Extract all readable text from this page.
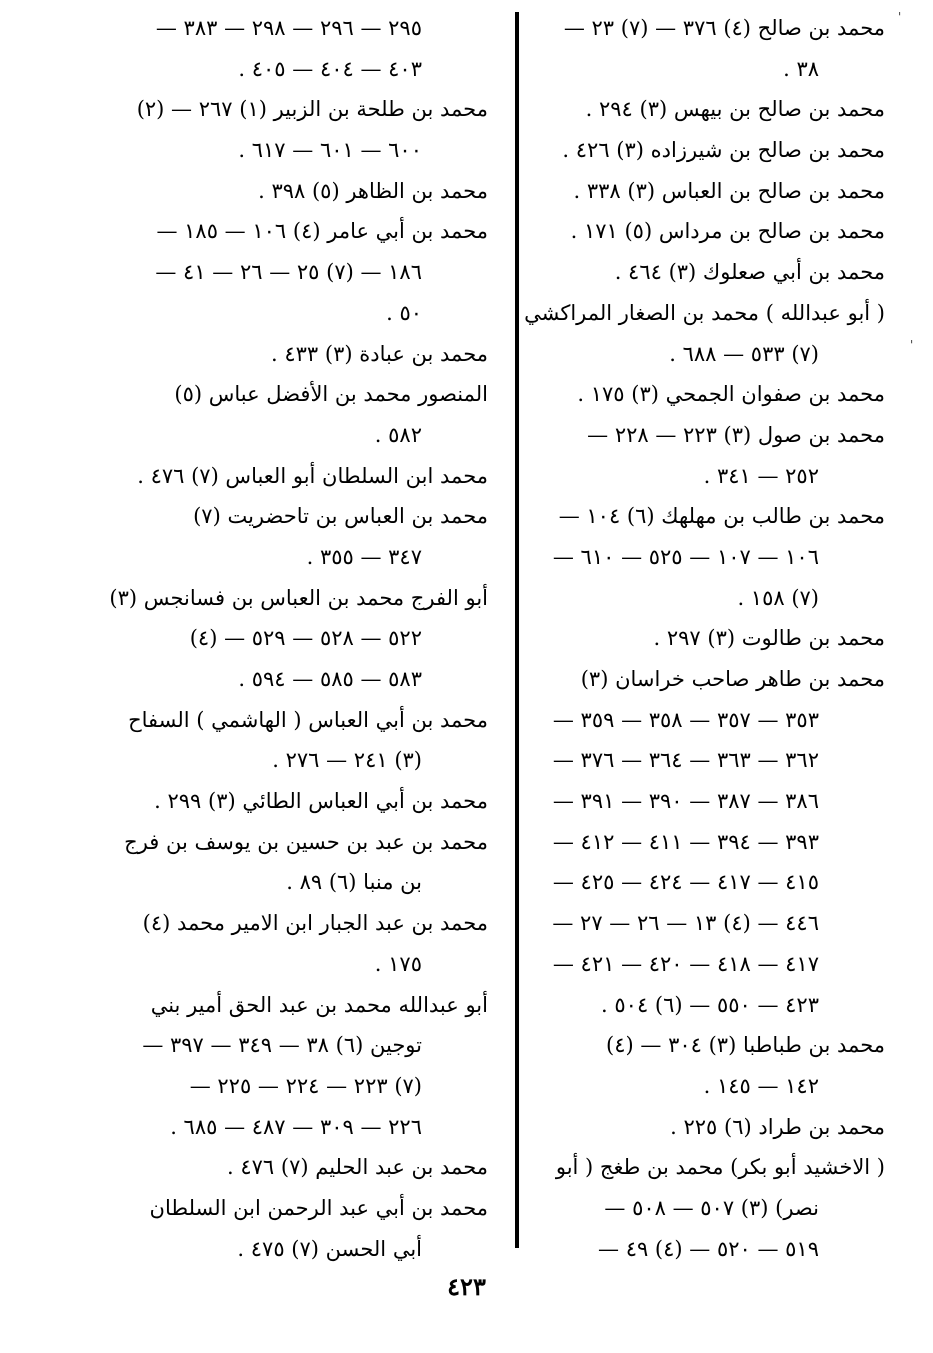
محمد بن صالح (٤) ٣٧٦ — (٧) ٢٣ —
٣٨ .
محمد بن صالح بن بيهس (٣) ٢٩٤ .
محمد بن صالح بن شيرزاده (٣) ٤٢٦ .
محمد بن صالح بن العباس (٣) ٣٣٨ .
محمد بن صالح بن مرداس (٥) ١٧١ .
محمد بن أبي صعلوك (٣) ٤٦٤ .
( أبو عبدالله ) محمد بن الصغار المراكشي
(٧) ٥٣٣ — ٦٨٨ .
محمد بن صفوان الجمحي (٣) ١٧٥ .
محمد بن صول (٣) ٢٢٣ — ٢٢٨ —
٢٥٢ — ٣٤١ .
محمد بن طالب بن مهلهك (٦) ١٠٤ —
١٠٦ — ١٠٧ — ٥٢٥ — ٦١٠ —
(٧) ١٥٨ .
محمد بن طالوت (٣) ٢٩٧ .
محمد بن طاهر صاحب خراسان (٣)
٣٥٣ — ٣٥٧ — ٣٥٨ — ٣٥٩ —
٣٦٢ — ٣٦٣ — ٣٦٤ — ٣٧٦ —
٣٨٦ — ٣٨٧ — ٣٩٠ — ٣٩١ —
٣٩٣ — ٣٩٤ — ٤١١ — ٤١٢ —
٤١٥ — ٤١٧ — ٤٢٤ — ٤٢٥ —
٤٤٦ — (٤) ١٣ — ٢٦ — ٢٧ —
٤١٧ — ٤١٨ — ٤٢٠ — ٤٢١ —
٤٢٣ — ٥٥٠ — (٦) ٥٠٤ .
محمد بن طباطبا (٣) ٣٠٤ — (٤)
١٤٢ — ١٤٥ .
محمد بن طراد (٦) ٢٢٥ .
( الاخشيد أبو بكر) محمد بن طغج ( أبو
نصر) (٣) ٥٠٧ — ٥٠٨ —
٥١٩ — ٥٢٠ — (٤) ٤٩ —
٢٩٥ — ٢٩٦ — ٢٩٨ — ٣٨٣ —
٤٠٣ — ٤٠٤ — ٤٠٥ .
محمد بن طلحة بن الزبير (١) ٢٦٧ — (٢)
٦٠٠ — ٦٠١ — ٦١٧ .
محمد بن الظاهر (٥) ٣٩٨ .
محمد بن أبي عامر (٤) ١٠٦ — ١٨٥ —
١٨٦ — (٧) ٢٥ — ٢٦ — ٤١ —
٥٠ .
محمد بن عبادة (٣) ٤٣٣ .
المنصور محمد بن الأفضل عباس (٥)
٥٨٢ .
محمد ابن السلطان أبو العباس (٧) ٤٧٦ .
محمد بن العباس بن تاحضريت (٧)
٣٤٧ — ٣٥٥ .
أبو الفرج محمد بن العباس بن فسانجس (٣)
٥٢٢ — ٥٢٨ — ٥٢٩ — (٤)
٥٨٣ — ٥٨٥ — ٥٩٤ .
محمد بن أبي العباس ( الهاشمي ) السفاح
(٣) ٢٤١ — ٢٧٦ .
محمد بن أبي العباس الطائي (٣) ٢٩٩ .
محمد بن عبد بن حسين بن يوسف بن فرج
بن منبا (٦) ٨٩ .
محمد بن عبد الجبار ابن الامير محمد (٤)
١٧٥ .
أبو عبدالله محمد بن عبد الحق أمير بني
توجين (٦) ٣٨ — ٣٤٩ — ٣٩٧ —
(٧) ٢٢٣ — ٢٢٤ — ٢٢٥ —
٢٢٦ — ٣٠٩ — ٤٨٧ — ٦٨٥ .
محمد بن عبد الحليم (٧) ٤٧٦ .
محمد بن أبي عبد الرحمن ابن السلطان
أبي الحسن (٧) ٤٧٥ .
'
'
٤٢٣
